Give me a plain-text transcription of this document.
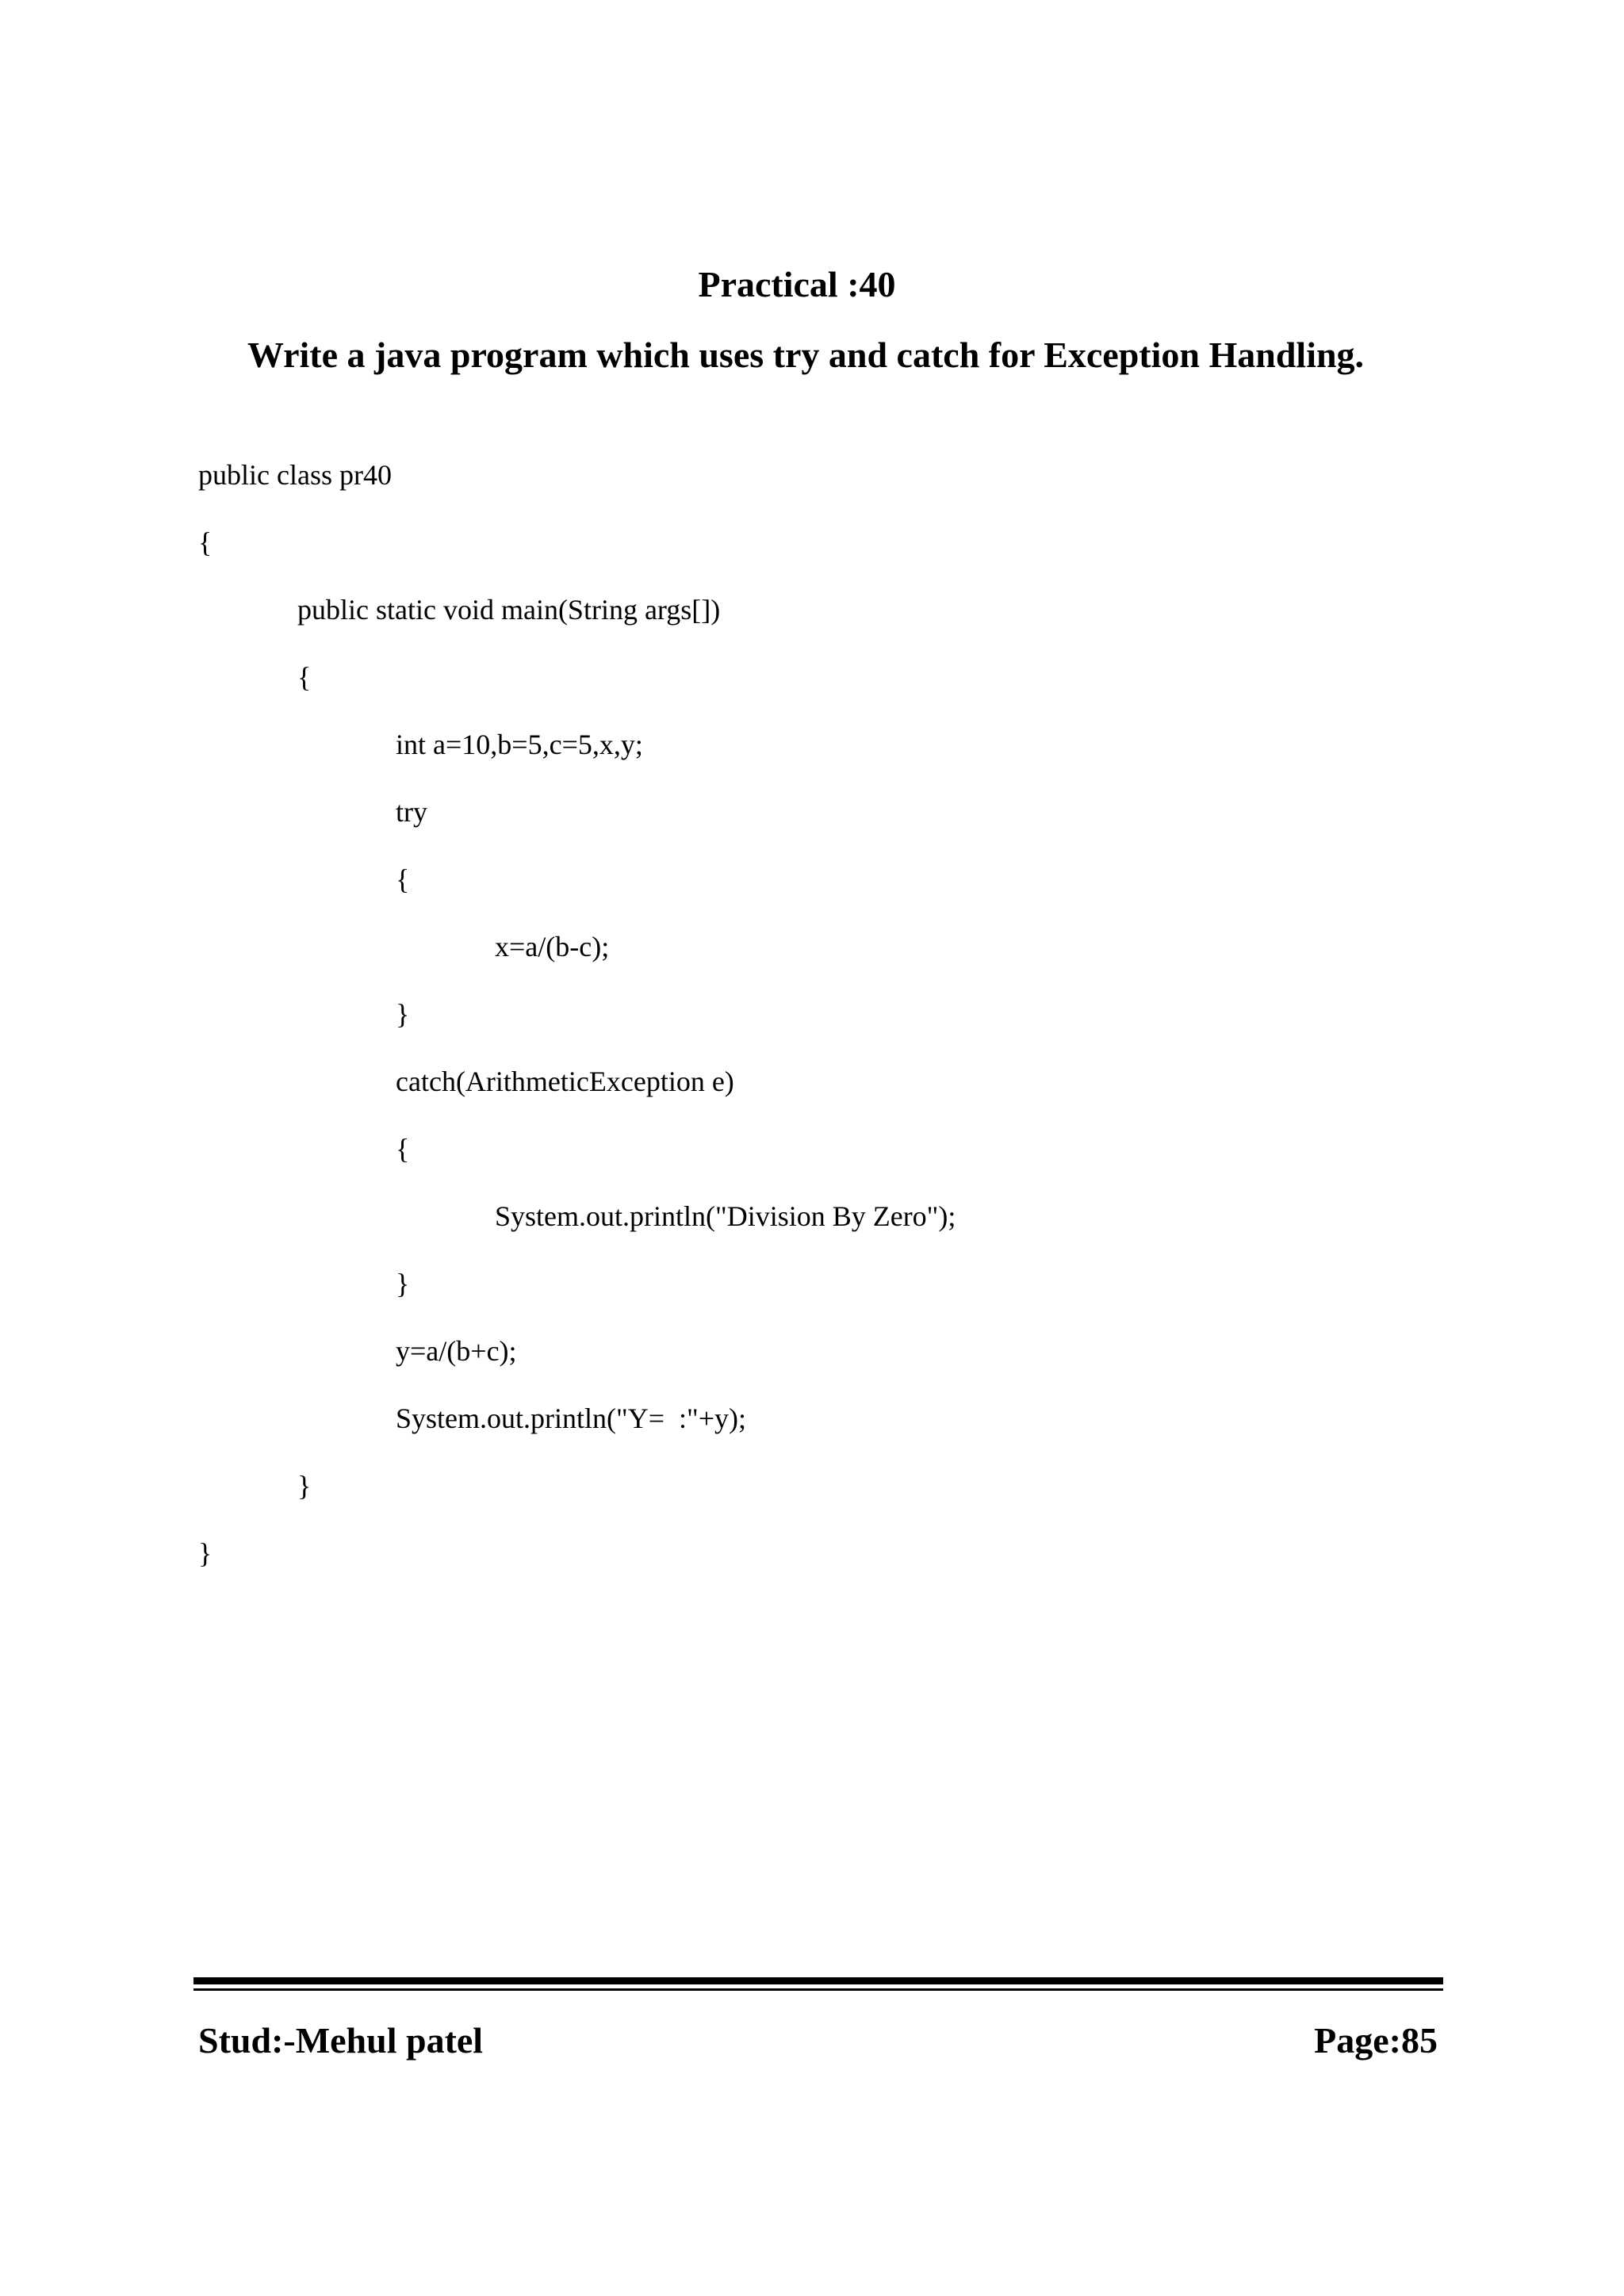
Practical :40
Write a java program which uses try and catch for Exception Handling.
public class pr40
{
public static void main(String args[])
{
int a=10,b=5,c=5,x,y;
try
{
x=a/(b-c);
}
catch(ArithmeticException e)
{
System.out.println("Division By Zero");
}
y=a/(b+c);
System.out.println("Y=  :"+y);
}
}
Stud:-Mehul patel	Page:85
